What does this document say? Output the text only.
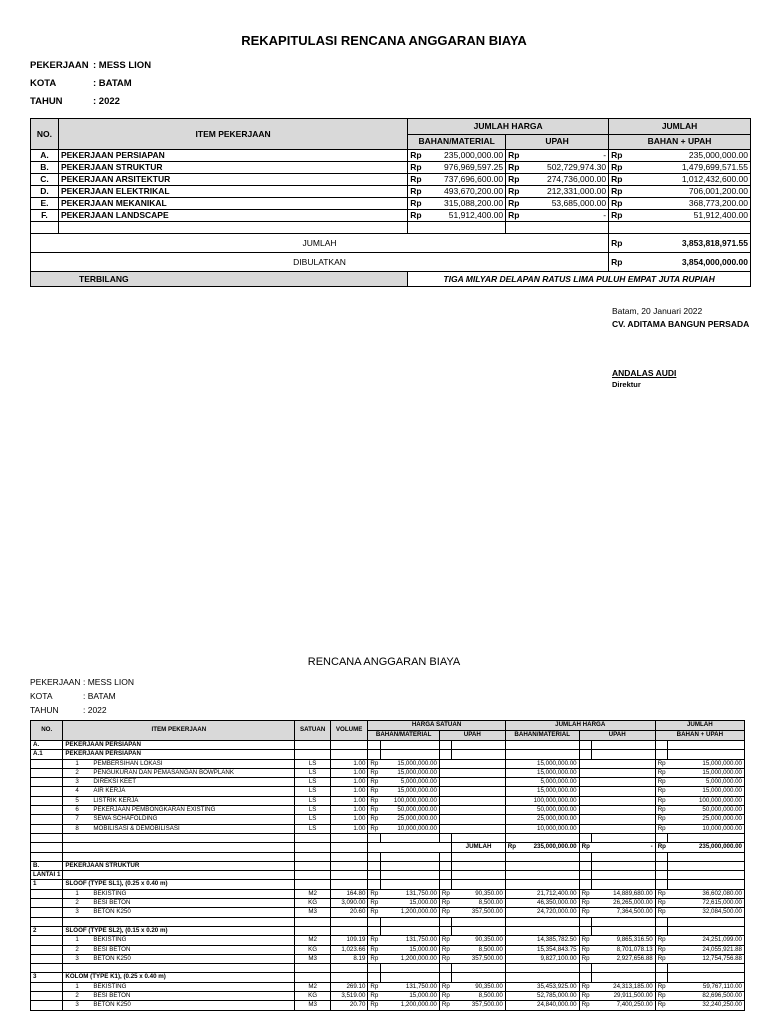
REKAPITULASI RENCANA ANGGARAN BIAYA
PEKERJAAN : MESS LION
KOTA	: BATAM
TAHUN	: 2022
NO.	ITEM PEKERJAAN	JUMLAH HARGA				JUMLAH	
		BAHAN/MATERIAL		UPAH		BAHAN + UPAH	
A.	PEKERJAAN PERSIAPAN	Rp	235,000,000.00	Rp	-	Rp	235,000,000.00
B.	PEKERJAAN STRUKTUR	Rp	976,969,597.25	Rp	502,729,974.30	Rp	1,479,699,571.55
C.	PEKERJAAN ARSITEKTUR	Rp	737,696,600.00	Rp	274,736,000.00	Rp	1,012,432,600.00
D.	PEKERJAAN ELEKTRIKAL	Rp	493,670,200.00	Rp	212,331,000.00	Rp	706,001,200.00
E.	PEKERJAAN MEKANIKAL	Rp	315,088,200.00	Rp	53,685,000.00	Rp	368,773,200.00
F.	PEKERJAAN LANDSCAPE	Rp	51,912,400.00	Rp	-	Rp	51,912,400.00

JUMLAH						Rp	3,853,818,971.55
DIBULATKAN						Rp	3,854,000,000.00
TERBILANG		TIGA MILYAR DELAPAN RATUS LIMA PULUH EMPAT JUTA RUPIAH					
Batam, 20 Januari 2022
CV. ADITAMA BANGUN PERSADA
ANDALAS AUDI
Direktur
RENCANA ANGGARAN BIAYA
PEKERJAAN : MESS LION
KOTA	: BATAM
TAHUN	: 2022
NO.	ITEM PEKERJAAN	SATUAN	VOLUME	HARGA SATUAN				JUMLAH HARGA			JUMLAH	
				BAHAN/MATERIAL		UPAH		BAHAN/MATERIAL	UPAH		BAHAN + UPAH	
A.	PEKERJAAN PERSIAPAN											
A.1	PEKERJAAN PERSIAPAN											

	1 PEMBERSIHAN LOKASI	LS	1.00	Rp	15,000,000.00			15,000,000.00			Rp	15,000,000.00

	2 PENGUKURAN DAN PEMASANGAN BOWPLANK	LS	1.00	Rp	15,000,000.00			15,000,000.00			Rp	15,000,000.00

	3 DIREKSI KEET	LS	1.00	Rp	5,000,000.00			5,000,000.00			Rp	5,000,000.00

	4 AIR KERJA	LS	1.00	Rp	15,000,000.00			15,000,000.00			Rp	15,000,000.00

	5 LISTRIK KERJA	LS	1.00	Rp	100,000,000.00			100,000,000.00			Rp	100,000,000.00

	6 PEKERJAAN PEMBONGKARAN EXISTING	LS	1.00	Rp	50,000,000.00			50,000,000.00			Rp	50,000,000.00

	7 SEWA SCHAFOLDING	LS	1.00	Rp	25,000,000.00			25,000,000.00			Rp	25,000,000.00

	8 MOBILISASI & DEMOBILISASI	LS	1.00	Rp	10,000,000.00			10,000,000.00			Rp	10,000,000.00

							JUMLAH	Rp 235,000,000.00	Rp	-	Rp	235,000,000.00

B.	PEKERJAAN STRUKTUR											
LANTAI 1												
1	SLOOF (TYPE SL1), (0.25 x 0.40 m)											

	1 BEKISTING	M2	164.80	Rp	131,750.00	Rp	90,350.00	21,712,400.00	Rp	14,889,680.00	Rp	36,602,080.00

	2 BESI BETON	KG	3,090.00	Rp	15,000.00	Rp	8,500.00	46,350,000.00	Rp	26,265,000.00	Rp	72,615,000.00

	3 BETON K250	M3	20.60	Rp	1,200,000.00	Rp	357,500.00	24,720,000.00	Rp	7,364,500.00	Rp	32,084,500.00

2	SLOOF (TYPE SL2), (0.15 x 0.20 m)											

	1 BEKISTING	M2	109.19	Rp	131,750.00	Rp	90,350.00	14,385,782.50	Rp	9,865,316.50	Rp	24,251,099.00

	2 BESI BETON	KG	1,023.66	Rp	15,000.00	Rp	8,500.00	15,354,843.75	Rp	8,701,078.13	Rp	24,055,921.88

	3 BETON K250	M3	8.19	Rp	1,200,000.00	Rp	357,500.00	9,827,100.00	Rp	2,927,656.88	Rp	12,754,756.88

3	KOLOM (TYPE K1), (0.25 x 0.40 m)											

	1 BEKISTING	M2	269.10	Rp	131,750.00	Rp	90,350.00	35,453,925.00	Rp	24,313,185.00	Rp	59,767,110.00

	2 BESI BETON	KG	3,519.00	Rp	15,000.00	Rp	8,500.00	52,785,000.00	Rp	29,911,500.00	Rp	82,696,500.00

	3 BETON K250	M3	20.70	Rp	1,200,000.00	Rp	357,500.00	24,840,000.00	Rp	7,400,250.00	Rp	32,240,250.00
